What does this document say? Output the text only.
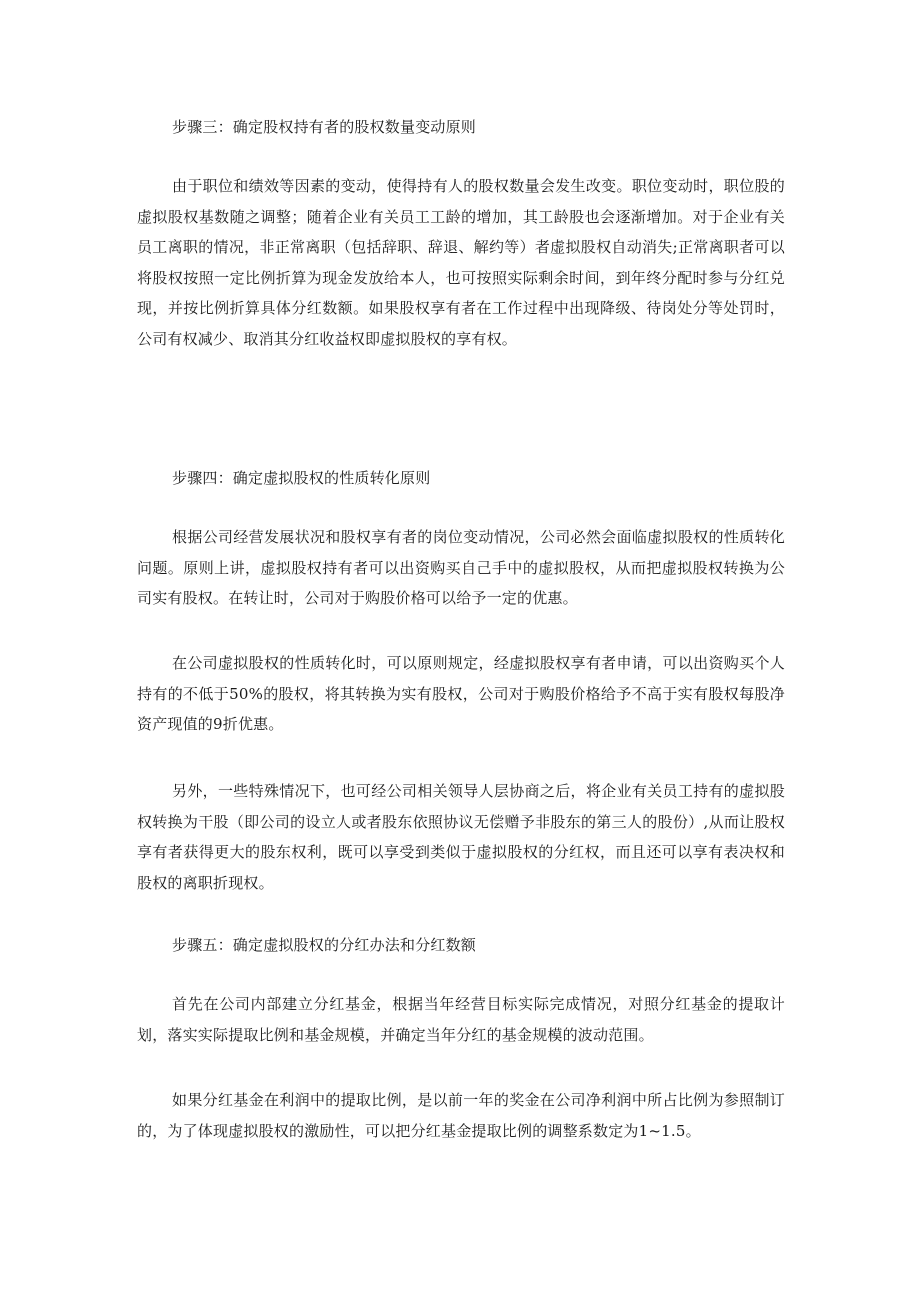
步骤三：确定股权持有者的股权数量变动原则

由于职位和绩效等因素的变动，使得持有人的股权数量会发生改变。职位变动时，职位股的虚拟股权基数随之调整；随着企业有关员工工龄的增加，其工龄股也会逐渐增加。对于企业有关员工离职的情况，非正常离职（包括辞职、辞退、解约等）者虚拟股权自动消失;正常离职者可以将股权按照一定比例折算为现金发放给本人，也可按照实际剩余时间，到年终分配时参与分红兑现，并按比例折算具体分红数额。如果股权享有者在工作过程中出现降级、待岗处分等处罚时，公司有权减少、取消其分红收益权即虚拟股权的享有权。

步骤四：确定虚拟股权的性质转化原则

根据公司经营发展状况和股权享有者的岗位变动情况，公司必然会面临虚拟股权的性质转化问题。原则上讲，虚拟股权持有者可以出资购买自己手中的虚拟股权，从而把虚拟股权转换为公司实有股权。在转让时，公司对于购股价格可以给予一定的优惠。

在公司虚拟股权的性质转化时，可以原则规定，经虚拟股权享有者申请，可以出资购买个人持有的不低于50%的股权，将其转换为实有股权，公司对于购股价格给予不高于实有股权每股净资产现值的9折优惠。

另外，一些特殊情况下，也可经公司相关领导人层协商之后，将企业有关员工持有的虚拟股权转换为干股（即公司的设立人或者股东依照协议无偿赠予非股东的第三人的股份）,从而让股权享有者获得更大的股东权利，既可以享受到类似于虚拟股权的分红权，而且还可以享有表决权和股权的离职折现权。

步骤五：确定虚拟股权的分红办法和分红数额

首先在公司内部建立分红基金，根据当年经营目标实际完成情况，对照分红基金的提取计划，落实实际提取比例和基金规模，并确定当年分红的基金规模的波动范围。

如果分红基金在利润中的提取比例，是以前一年的奖金在公司净利润中所占比例为参照制订的，为了体现虚拟股权的激励性，可以把分红基金提取比例的调整系数定为1~1.5。
